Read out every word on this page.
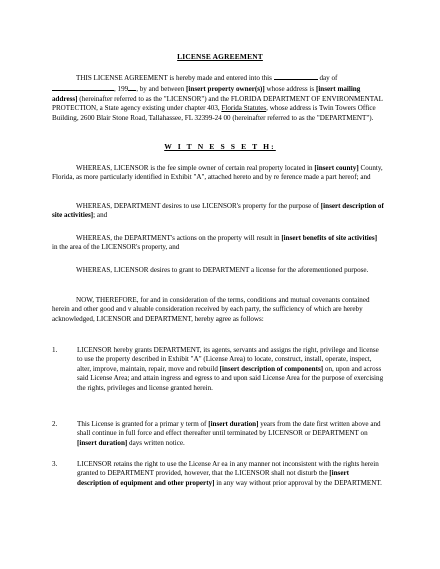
LICENSE AGREEMENT

THIS LICENSE AGREEMENT is hereby made and entered into this	day of
, 199 , by and between [insert property owner(s)] whose address is [insert mailing address] (hereinafter referred to as the "LICENSOR") and the FLORIDA DEPARTMENT OF ENVIRONMENTAL PROTECTION, a State agency existing under chapter 403, Florida Statutes, whose address is Twin Towers Office Building, 2600 Blair Stone Road, Tallahassee, FL 32399-24 00 (hereinafter referred to as the "DEPARTMENT").

W I T N E S S E T H:

WHEREAS, LICENSOR is the fee simple owner of certain real property located in [insert county] County, Florida, as more particularly identified in Exhibit "A", attached hereto and by re ference made a part hereof; and

WHEREAS, DEPARTMENT desires to use LICENSOR's property for the purpose of [insert description of site activities]; and

WHEREAS, the DEPARTMENT's actions on the property will result in [insert benefits of site activities] in the area of the LICENSOR's property, and

WHEREAS, LICENSOR desires to grant to DEPARTMENT a license for the aforementioned purpose.

NOW, THEREFORE, for and in consideration of the terms, conditions and mutual covenants contained herein and other good and v aluable consideration received by each party, the sufficiency of which are hereby acknowledged, LICENSOR and DEPARTMENT, hereby agree as follows:

1.	LICENSOR hereby grants DEPARTMENT, its agents, servants and assigns the right, privilege and license to use the property described in Exhibit "A" (License Area) to locate, construct, install, operate, inspect, alter, improve, maintain, repair, move and rebuild [insert description of components] on, upon and across said License Area; and attain ingress and egress to and upon said License Area for the purpose of exercising the rights, privileges and license granted herein.
2.	This License is granted for a primar y term of [insert duration] years from the date first written above and shall continue in full force and effect thereafter until terminated by LICENSOR or DEPARTMENT on [insert duration] days written notice.
3.	LICENSOR retains the right to use the License Ar ea in any manner not inconsistent with the rights herein granted to DEPARTMENT provided, however, that the LICENSOR shall not disturb the [insert description of equipment and other property] in any way without prior approval by the DEPARTMENT.
